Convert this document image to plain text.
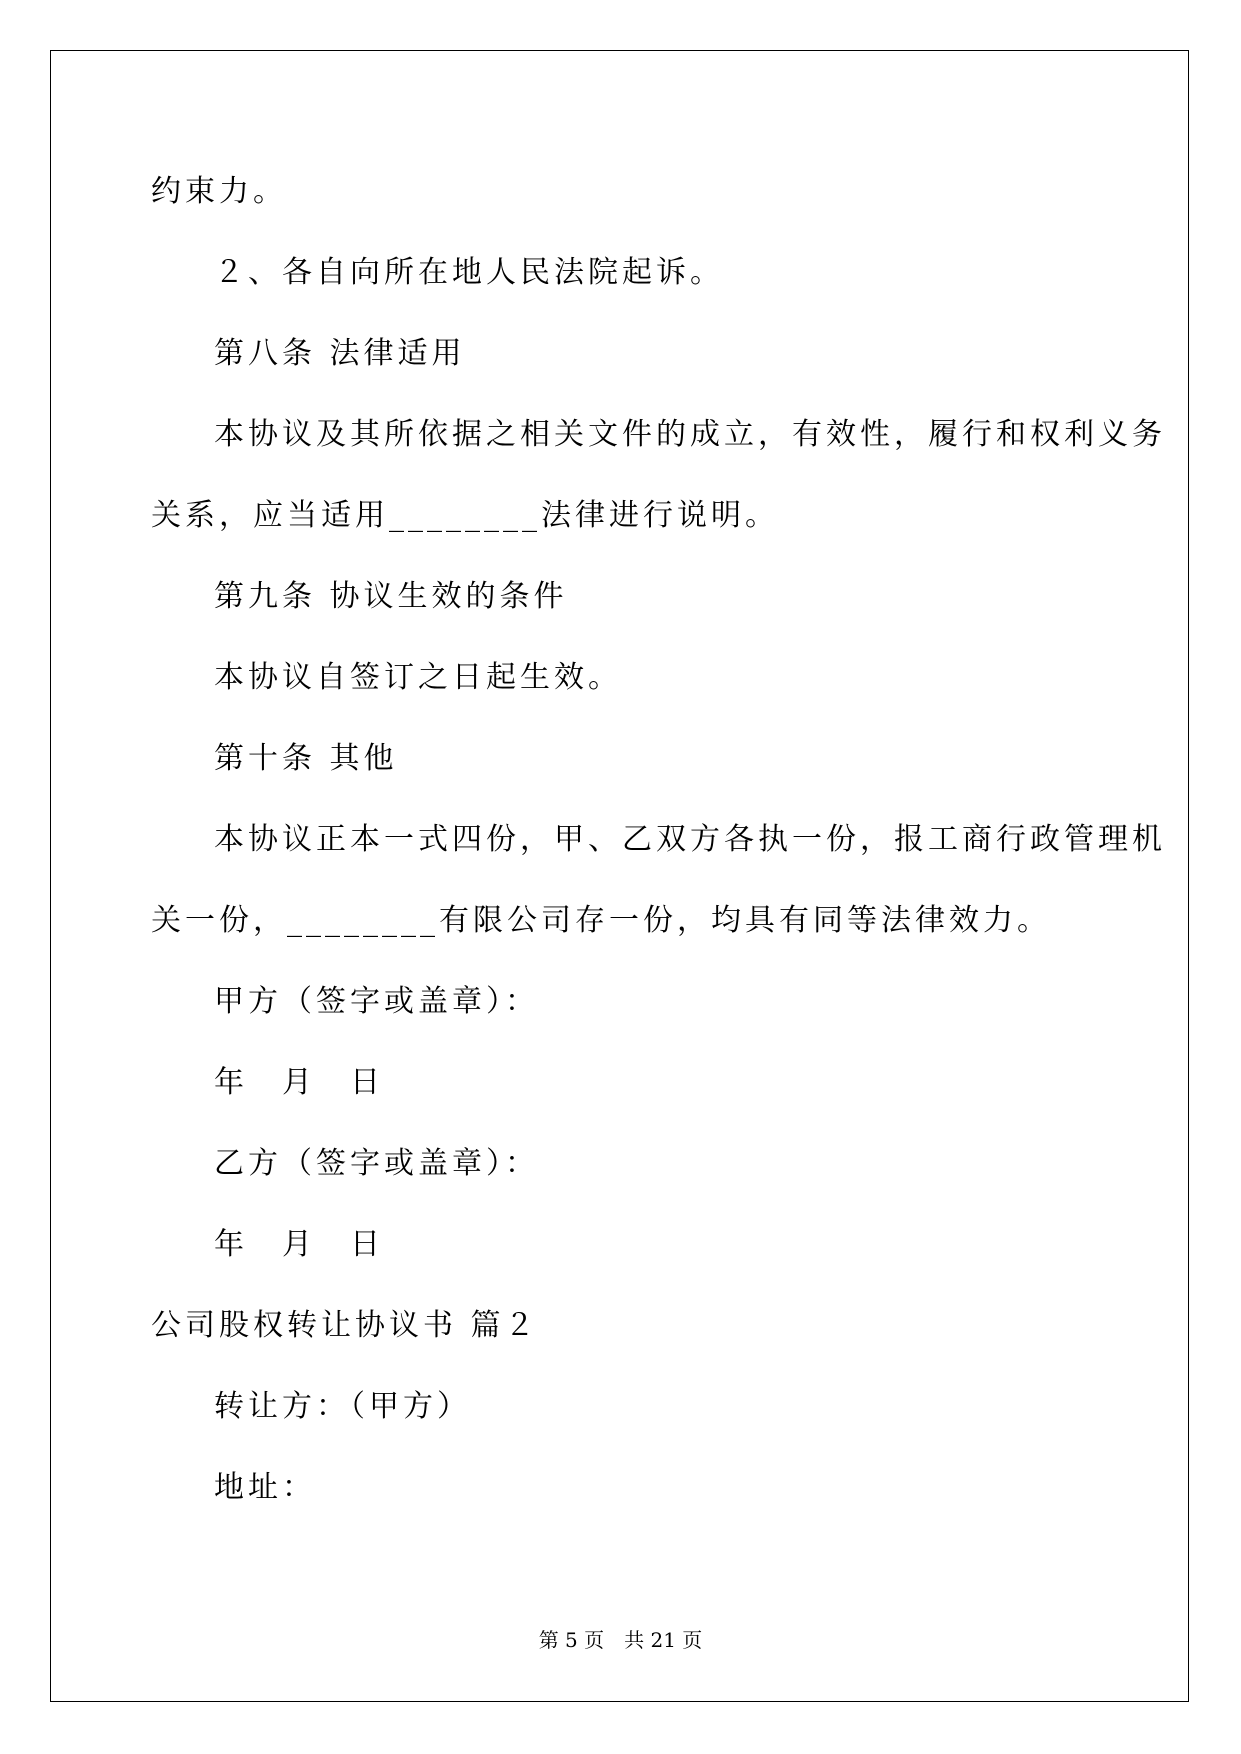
约束力。

２、各自向所在地人民法院起诉。

第八条 法律适用

本协议及其所依据之相关文件的成立，有效性，履行和权利义务

关系，应当适用________法律进行说明。

第九条 协议生效的条件

本协议自签订之日起生效。

第十条 其他

本协议正本一式四份，甲、乙双方各执一份，报工商行政管理机

关一份，________有限公司存一份，均具有同等法律效力。

甲方（签字或盖章）：

年　月　日

乙方（签字或盖章）：

年　月　日

公司股权转让协议书 篇２

转让方：（甲方）

地址：

第 5 页　共 21 页
